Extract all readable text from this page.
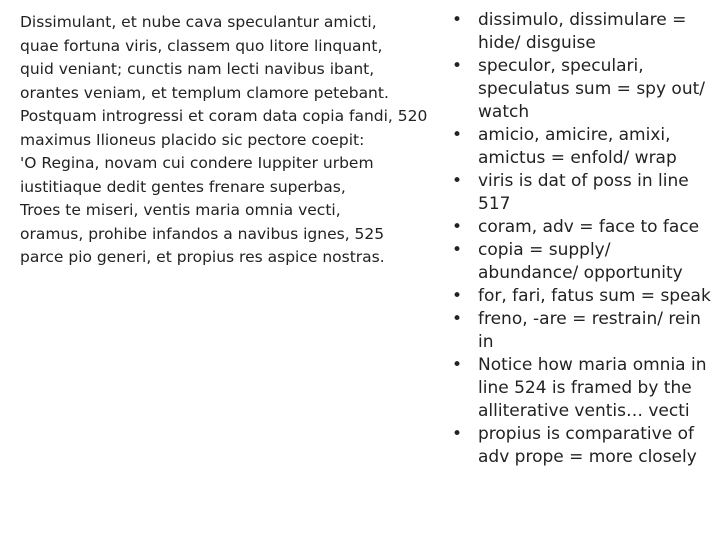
Dissimulant, et nube cava speculantur amicti,

quae fortuna viris, classem quo litore linquant,

quid veniant; cunctis nam lecti navibus ibant,

orantes veniam, et templum clamore petebant.

Postquam introgressi et coram data copia fandi, 520

maximus Ilioneus placido sic pectore coepit:

'O Regina, novam cui condere Iuppiter urbem

iustitiaque dedit gentes frenare superbas,

Troes te miseri, ventis maria omnia vecti,

oramus, prohibe infandos a navibus ignes, 525

parce pio generi, et propius res aspice nostras.

• dissimulo, dissimulare = hide/ disguise
• speculor, speculari, speculatus sum = spy out/ watch
• amicio, amicire, amixi, amictus = enfold/ wrap
• viris is dat of poss in line 517
• coram, adv = face to face
• copia = supply/ abundance/ opportunity
• for, fari, fatus sum = speak
• freno, -are = restrain/ rein in
• Notice how maria omnia in line 524 is framed by the alliterative ventis… vecti
• propius is comparative of adv prope = more closely
